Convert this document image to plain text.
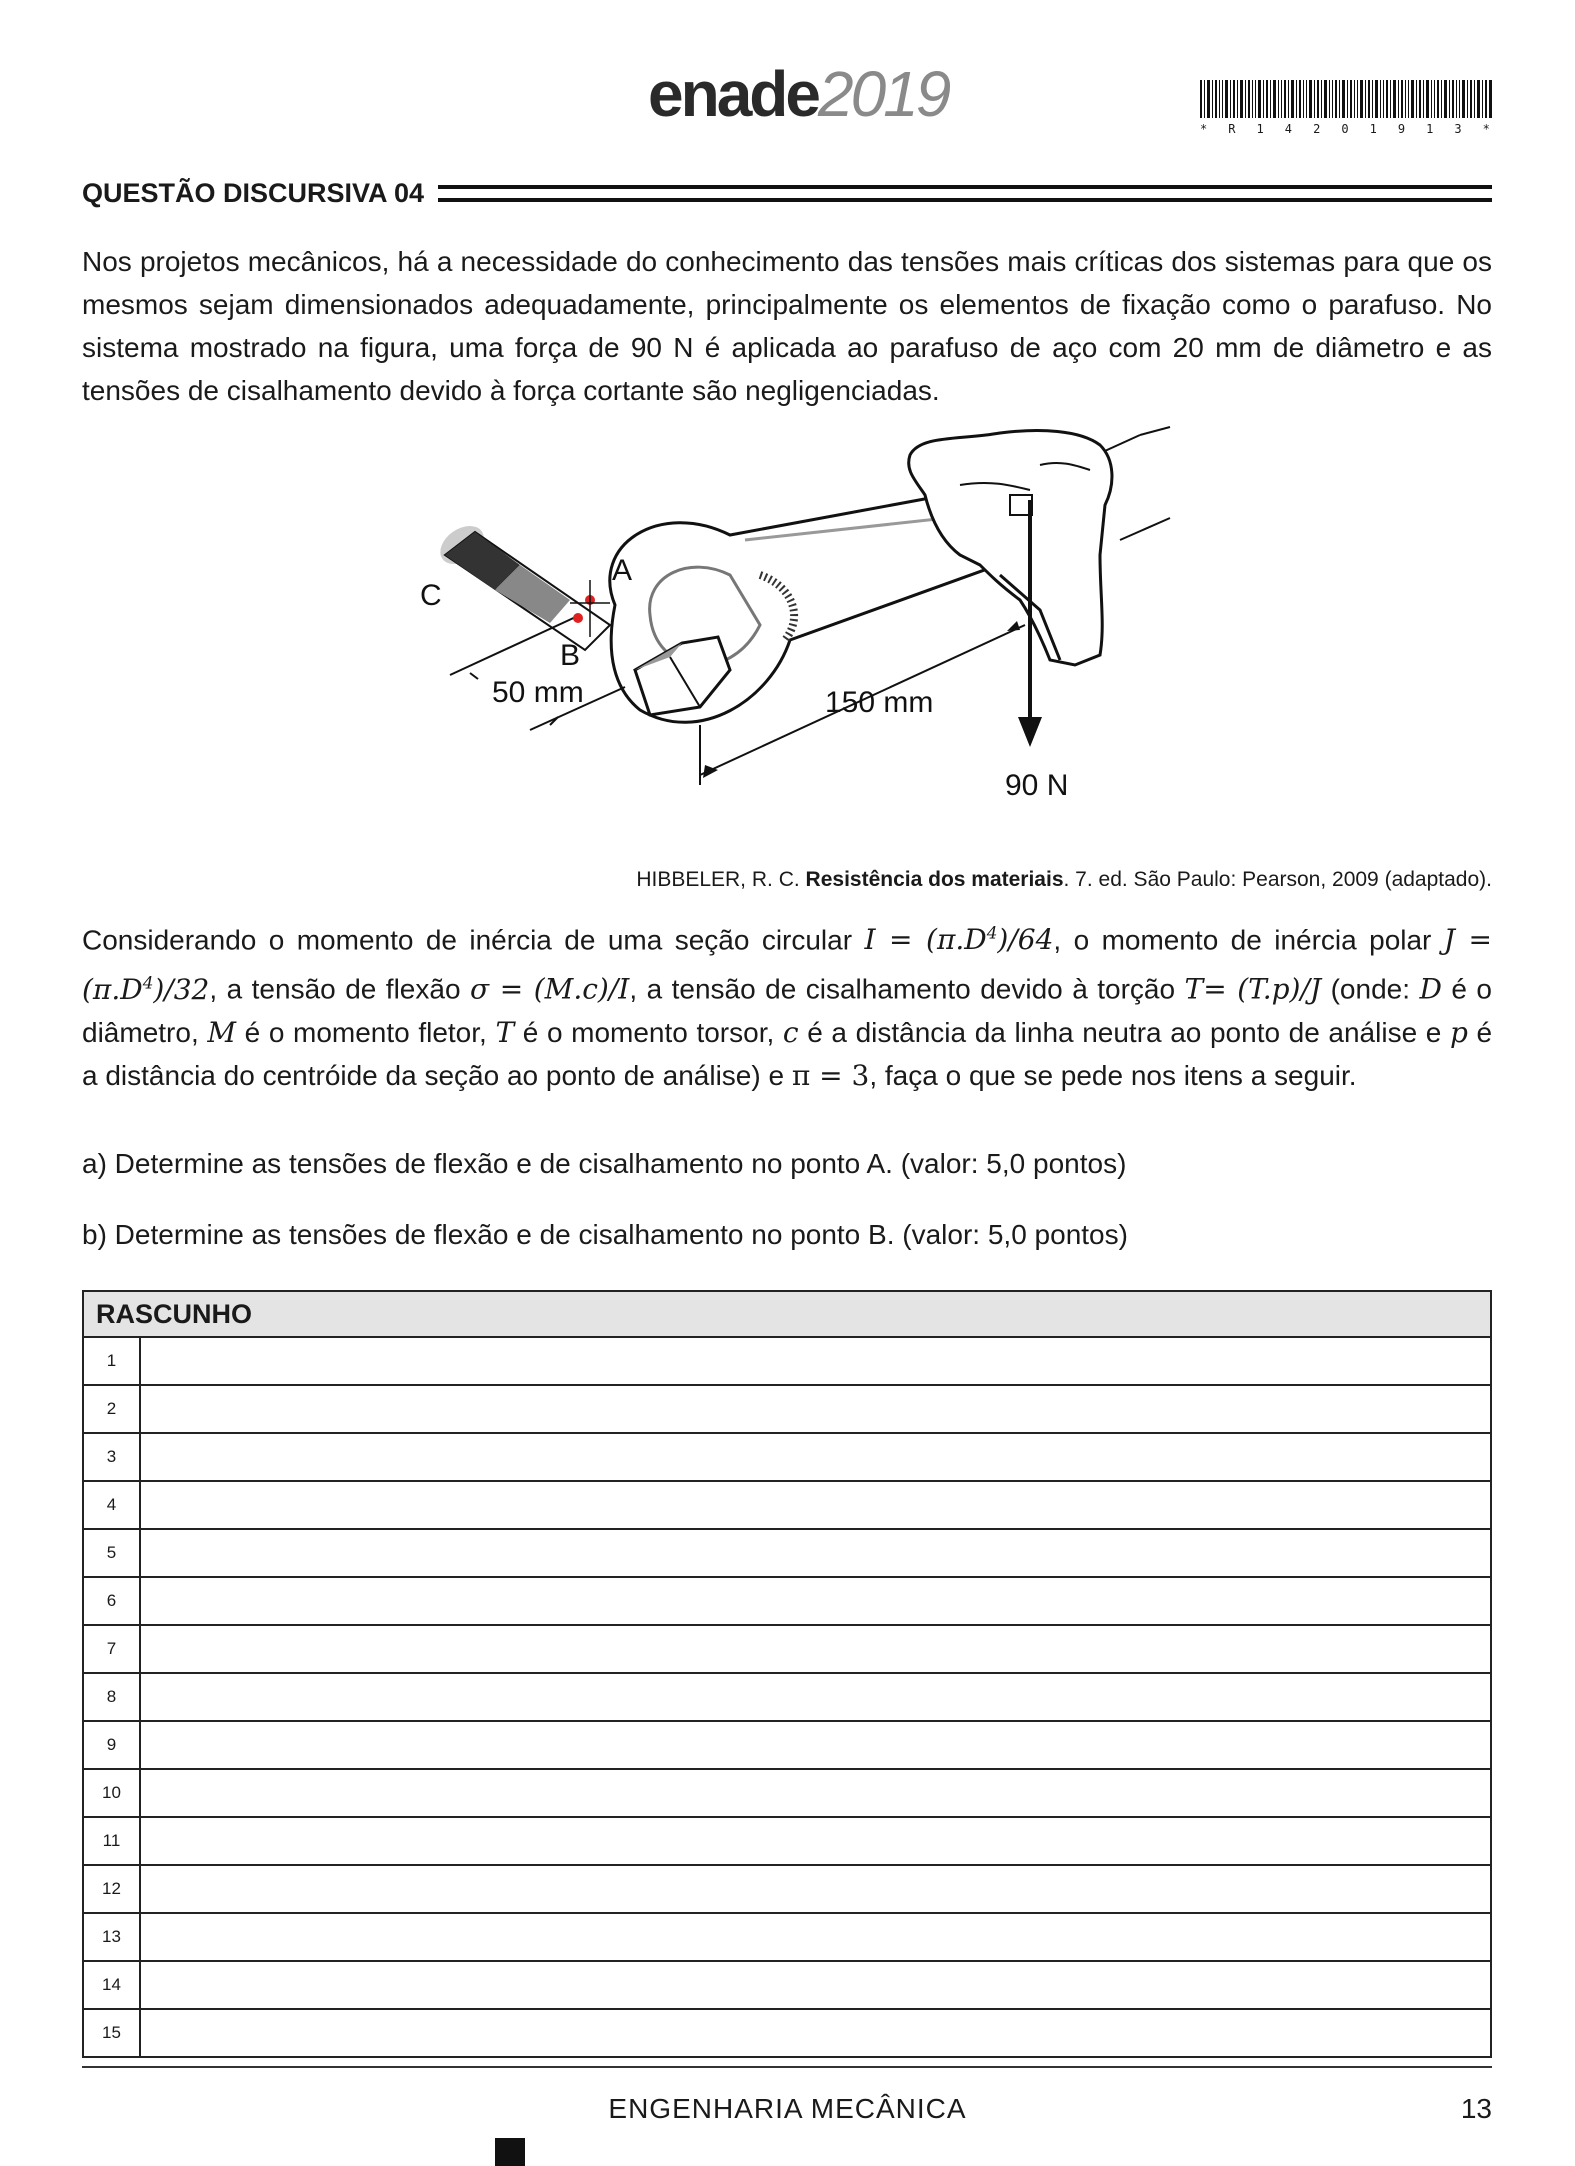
enade2019	* R 1 4 2 0 1 9 1 3 *
QUESTÃO DISCURSIVA 04
Nos projetos mecânicos, há a necessidade do conhecimento das tensões mais críticas dos sistemas para que os mesmos sejam dimensionados adequadamente, principalmente os elementos de fixação como o parafuso. No sistema mostrado na figura, uma força de 90 N é aplicada ao parafuso de aço com 20 mm de diâmetro e as tensões de cisalhamento devido à força cortante são negligenciadas.
A
B
C
50 mm	150 mm
90 N
HIBBELER, R. C. Resistência dos materiais. 7. ed. São Paulo: Pearson, 2009 (adaptado).
Considerando o momento de inércia de uma seção circular $I = (\pi.D^4)/64$, o momento de inércia polar $J = (\pi.D^4)/32$, a tensão de flexão σ = (M.c)/I, a tensão de cisalhamento devido à torção T= (T.p)/J (onde: D é o diâmetro, M é o momento fletor, T é o momento torsor, c é a distância da linha neutra ao ponto de análise e p é a distância do centróide da seção ao ponto de análise) e π = 3, faça o que se pede nos itens a seguir.
a) Determine as tensões de flexão e de cisalhamento no ponto A. (valor: 5,0 pontos)
b) Determine as tensões de flexão e de cisalhamento no ponto B. (valor: 5,0 pontos)
RASCUNHO
1
2
3
4
5
6
7
8
9
10
11
12
13
14
15
ENGENHARIA MECÂNICA	13
